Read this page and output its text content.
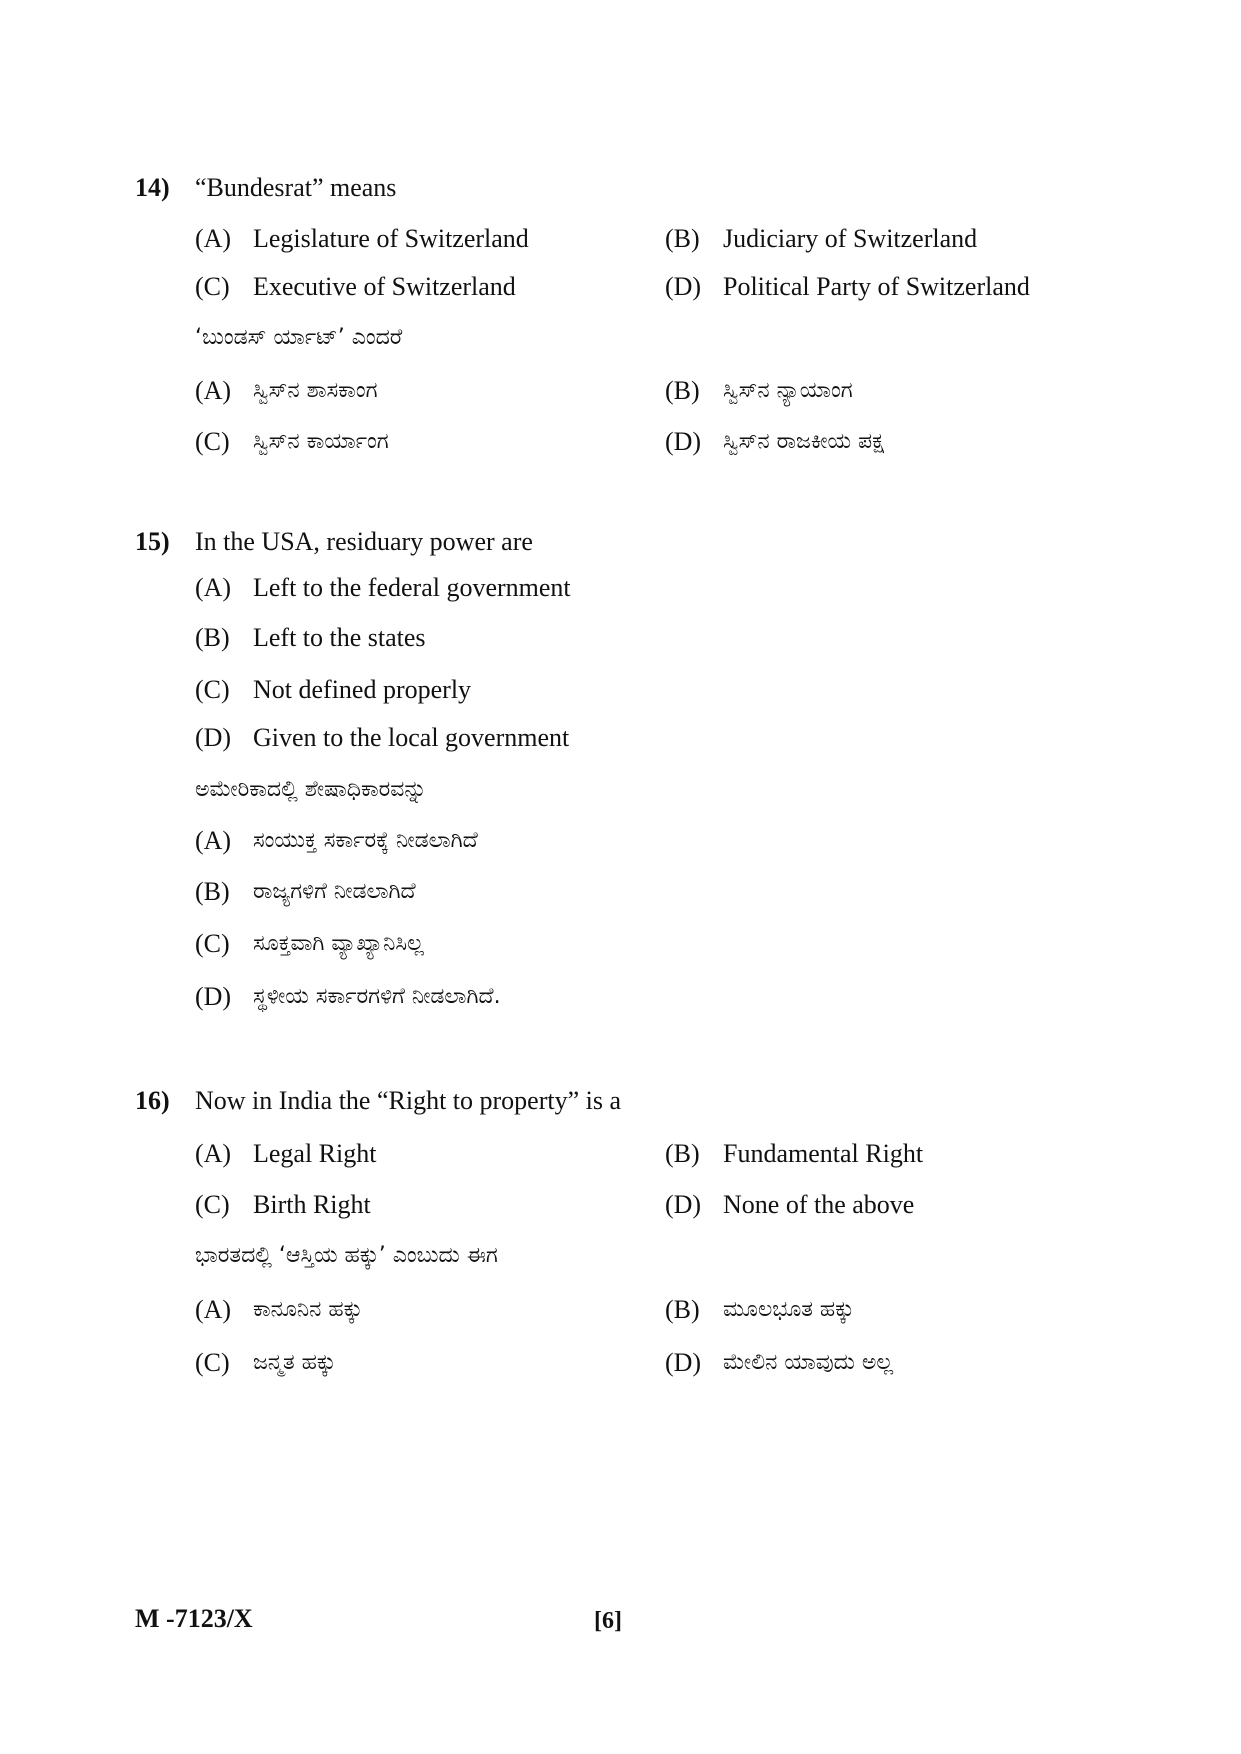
14) “Bundesrat” means
(A) Legislature of Switzerland	(B) Judiciary of Switzerland
(C) Executive of Switzerland	(D) Political Party of Switzerland
‘ಬುಂಡಸ್ ರ್ಯಾಟ್’ ಎಂದರೆ
(A) ಸ್ವಿಸ್‌ನ ಶಾಸಕಾಂಗ	(B) ಸ್ವಿಸ್‌ನ ನ್ಯಾಯಾಂಗ
(C) ಸ್ವಿಸ್‌ನ ಕಾರ್ಯಾಂಗ	(D) ಸ್ವಿಸ್‌ನ ರಾಜಕೀಯ ಪಕ್ಷ
15) In the USA, residuary power are
(A) Left to the federal government
(B) Left to the states
(C) Not defined properly
(D) Given to the local government
ಅಮೇರಿಕಾದಲ್ಲಿ ಶೇಷಾಧಿಕಾರವನ್ನು
(A) ಸಂಯುಕ್ತ ಸರ್ಕಾರಕ್ಕೆ ನೀಡಲಾಗಿದೆ
(B) ರಾಜ್ಯಗಳಿಗೆ ನೀಡಲಾಗಿದೆ
(C) ಸೂಕ್ತವಾಗಿ ವ್ಯಾಖ್ಯಾನಿಸಿಲ್ಲ
(D) ಸ್ಥಳೀಯ ಸರ್ಕಾರಗಳಿಗೆ ನೀಡಲಾಗಿದೆ.
16) Now in India the “Right to property” is a
(A) Legal Right	(B) Fundamental Right
(C) Birth Right	(D) None of the above
ಭಾರತದಲ್ಲಿ ‘ಆಸ್ತಿಯ ಹಕ್ಕು’ ಎಂಬುದು ಈಗ
(A) ಕಾನೂನಿನ ಹಕ್ಕು	(B) ಮೂಲಭೂತ ಹಕ್ಕು
(C) ಜನ್ಮತ ಹಕ್ಕು	(D) ಮೇಲಿನ ಯಾವುದು ಅಲ್ಲ
M -7123/X	[6]
